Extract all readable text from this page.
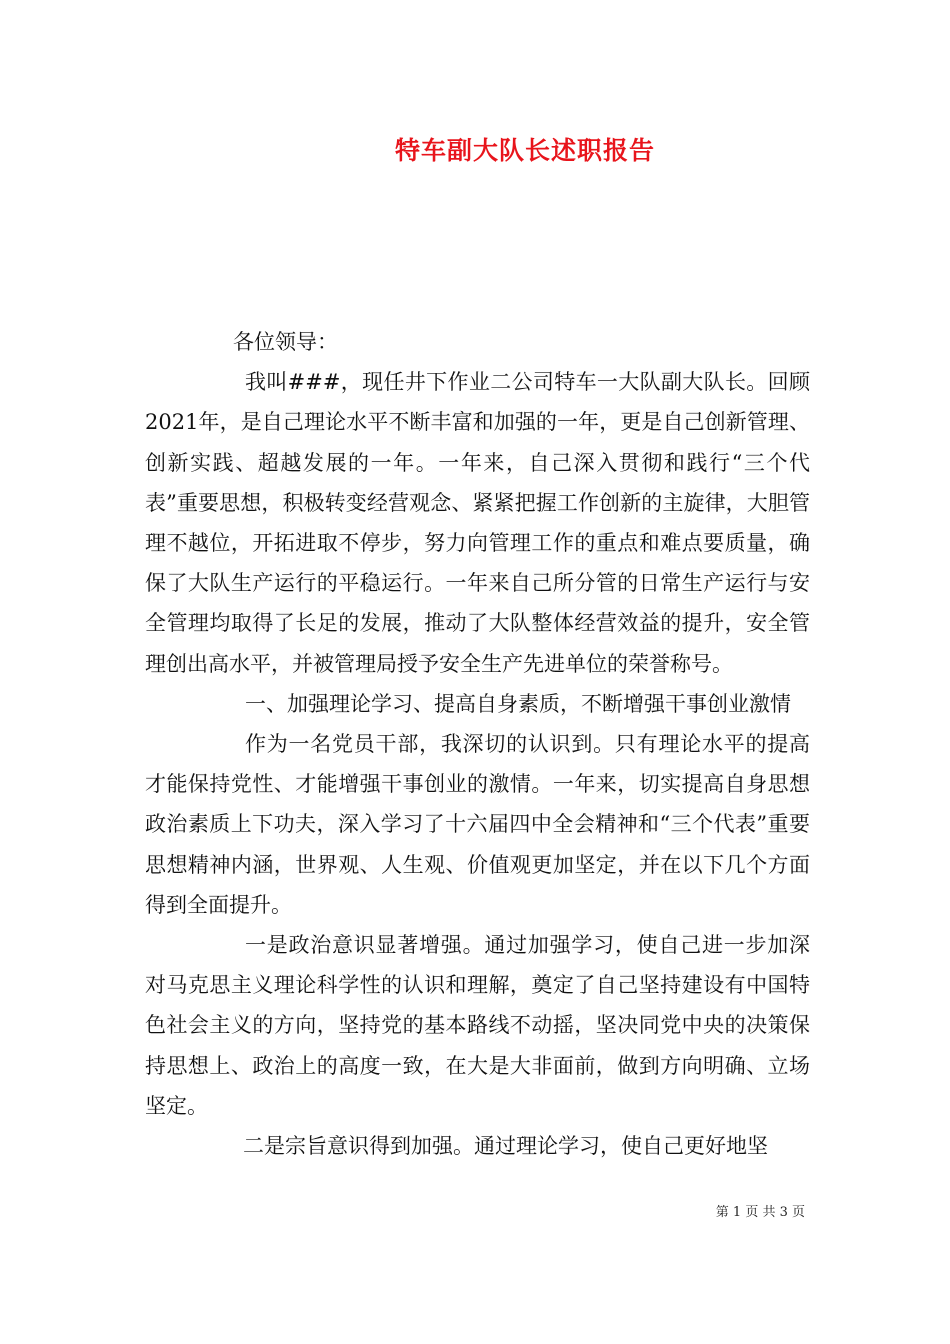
特车副大队长述职报告

各位领导：

我叫###，现任井下作业二公司特车一大队副大队长。回顾2021年，是自己理论水平不断丰富和加强的一年，更是自己创新管理、创新实践、超越发展的一年。一年来，自己深入贯彻和践行“三个代表”重要思想，积极转变经营观念、紧紧把握工作创新的主旋律，大胆管理不越位，开拓进取不停步，努力向管理工作的重点和难点要质量，确保了大队生产运行的平稳运行。一年来自己所分管的日常生产运行与安全管理均取得了长足的发展，推动了大队整体经营效益的提升，安全管理创出高水平，并被管理局授予安全生产先进单位的荣誉称号。

一、加强理论学习、提高自身素质，不断增强干事创业激情

作为一名党员干部，我深切的认识到。只有理论水平的提高才能保持党性、才能增强干事创业的激情。一年来，切实提高自身思想政治素质上下功夫，深入学习了十六届四中全会精神和“三个代表”重要思想精神内涵，世界观、人生观、价值观更加坚定，并在以下几个方面得到全面提升。

一是政治意识显著增强。通过加强学习，使自己进一步加深对马克思主义理论科学性的认识和理解，奠定了自己坚持建设有中国特色社会主义的方向，坚持党的基本路线不动摇，坚决同党中央的决策保持思想上、政治上的高度一致，在大是大非面前，做到方向明确、立场坚定。

二是宗旨意识得到加强。通过理论学习，使自己更好地坚

第 1 页 共 3 页
